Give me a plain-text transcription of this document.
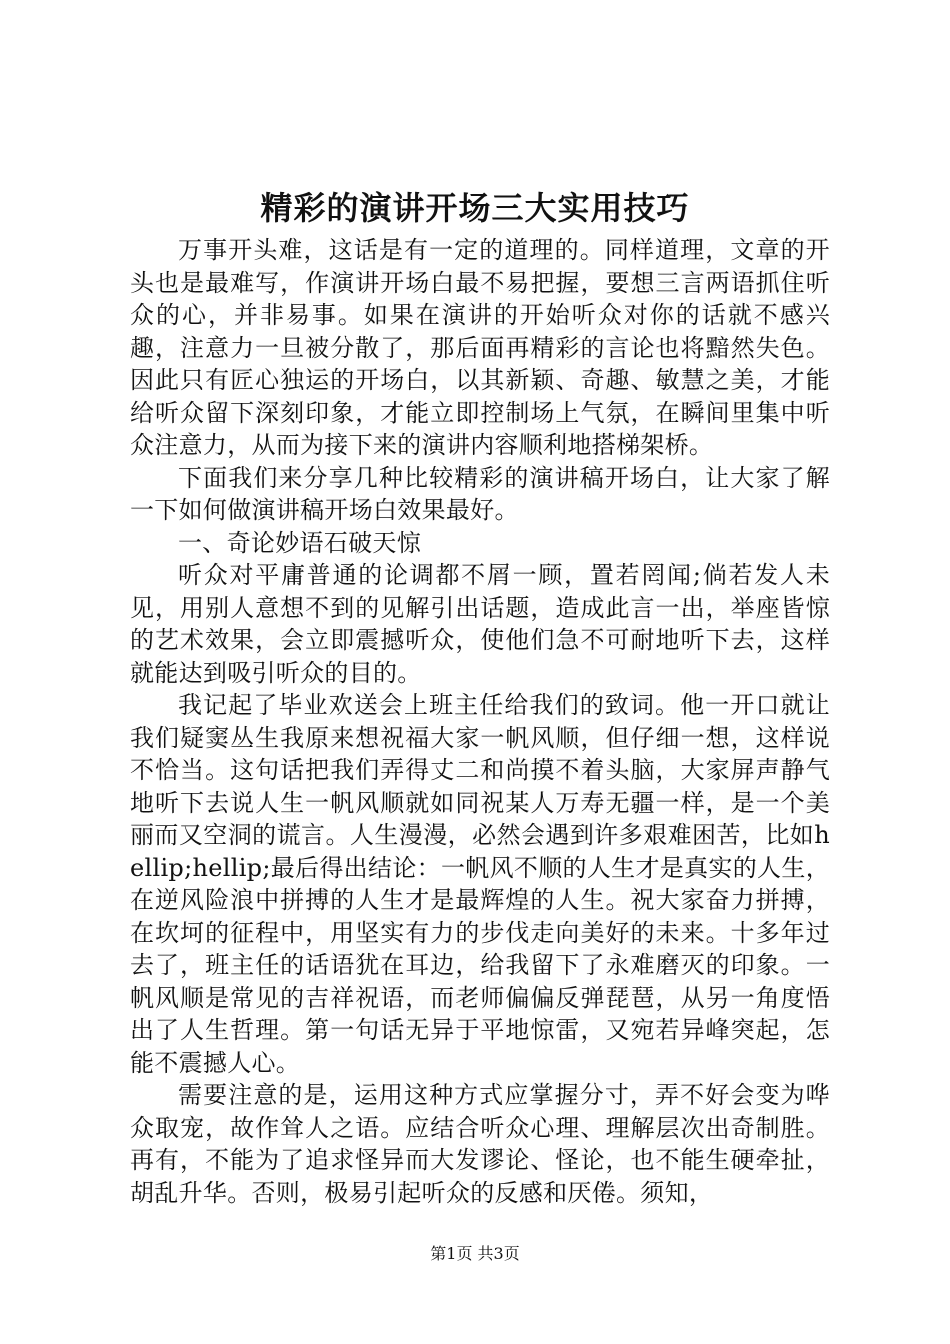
精彩的演讲开场三大实用技巧

万事开头难，这话是有一定的道理的。同样道理，文章的开头也是最难写，作演讲开场白最不易把握，要想三言两语抓住听众的心，并非易事。如果在演讲的开始听众对你的话就不感兴趣，注意力一旦被分散了，那后面再精彩的言论也将黯然失色。因此只有匠心独运的开场白，以其新颖、奇趣、敏慧之美，才能给听众留下深刻印象，才能立即控制场上气氛，在瞬间里集中听众注意力，从而为接下来的演讲内容顺利地搭梯架桥。

下面我们来分享几种比较精彩的演讲稿开场白，让大家了解一下如何做演讲稿开场白效果最好。

一、奇论妙语石破天惊

听众对平庸普通的论调都不屑一顾，置若罔闻;倘若发人未见，用别人意想不到的见解引出话题，造成此言一出，举座皆惊的艺术效果，会立即震撼听众，使他们急不可耐地听下去，这样就能达到吸引听众的目的。

我记起了毕业欢送会上班主任给我们的致词。他一开口就让我们疑窦丛生我原来想祝福大家一帆风顺，但仔细一想，这样说不恰当。这句话把我们弄得丈二和尚摸不着头脑，大家屏声静气地听下去说人生一帆风顺就如同祝某人万寿无疆一样，是一个美丽而又空洞的谎言。人生漫漫，必然会遇到许多艰难困苦，比如hellip;hellip;最后得出结论：一帆风不顺的人生才是真实的人生，在逆风险浪中拼搏的人生才是最辉煌的人生。祝大家奋力拼搏，在坎坷的征程中，用坚实有力的步伐走向美好的未来。十多年过去了，班主任的话语犹在耳边，给我留下了永难磨灭的印象。一帆风顺是常见的吉祥祝语，而老师偏偏反弹琵琶，从另一角度悟出了人生哲理。第一句话无异于平地惊雷，又宛若异峰突起，怎能不震撼人心。

需要注意的是，运用这种方式应掌握分寸，弄不好会变为哗众取宠，故作耸人之语。应结合听众心理、理解层次出奇制胜。再有，不能为了追求怪异而大发谬论、怪论，也不能生硬牵扯，胡乱升华。否则，极易引起听众的反感和厌倦。须知，

第1页 共3页
